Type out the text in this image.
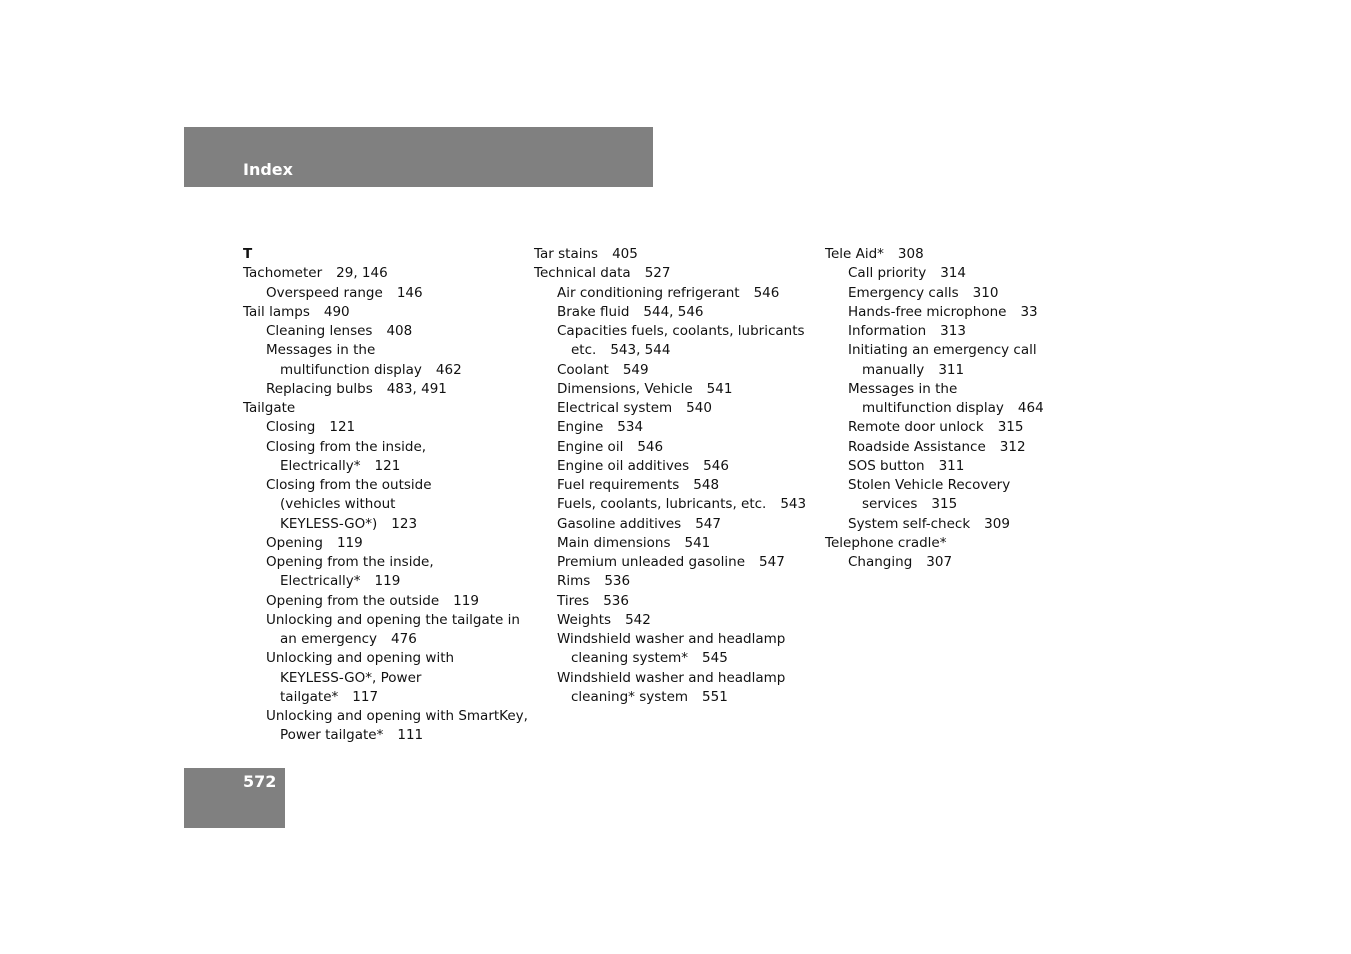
Index
T
Tachometer 29, 146
Overspeed range 146
Tail lamps 490
Cleaning lenses 408
Messages in the
multifunction display 462
Replacing bulbs 483, 491
Tailgate
Closing 121
Closing from the inside,
Electrically* 121
Closing from the outside
(vehicles without
KEYLESS-GO*) 123
Opening 119
Opening from the inside,
Electrically* 119
Opening from the outside 119
Unlocking and opening the tailgate in
an emergency 476
Unlocking and opening with
KEYLESS-GO*, Power
tailgate* 117
Unlocking and opening with SmartKey,
Power tailgate* 111
Tar stains 405
Technical data 527
Air conditioning refrigerant 546
Brake fluid 544, 546
Capacities fuels, coolants, lubricants
etc. 543, 544
Coolant 549
Dimensions, Vehicle 541
Electrical system 540
Engine 534
Engine oil 546
Engine oil additives 546
Fuel requirements 548
Fuels, coolants, lubricants, etc. 543
Gasoline additives 547
Main dimensions 541
Premium unleaded gasoline 547
Rims 536
Tires 536
Weights 542
Windshield washer and headlamp
cleaning system* 545
Windshield washer and headlamp
cleaning* system 551
Tele Aid* 308
Call priority 314
Emergency calls 310
Hands-free microphone 33
Information 313
Initiating an emergency call
manually 311
Messages in the
multifunction display 464
Remote door unlock 315
Roadside Assistance 312
SOS button 311
Stolen Vehicle Recovery
services 315
System self-check 309
Telephone cradle*
Changing 307
572
